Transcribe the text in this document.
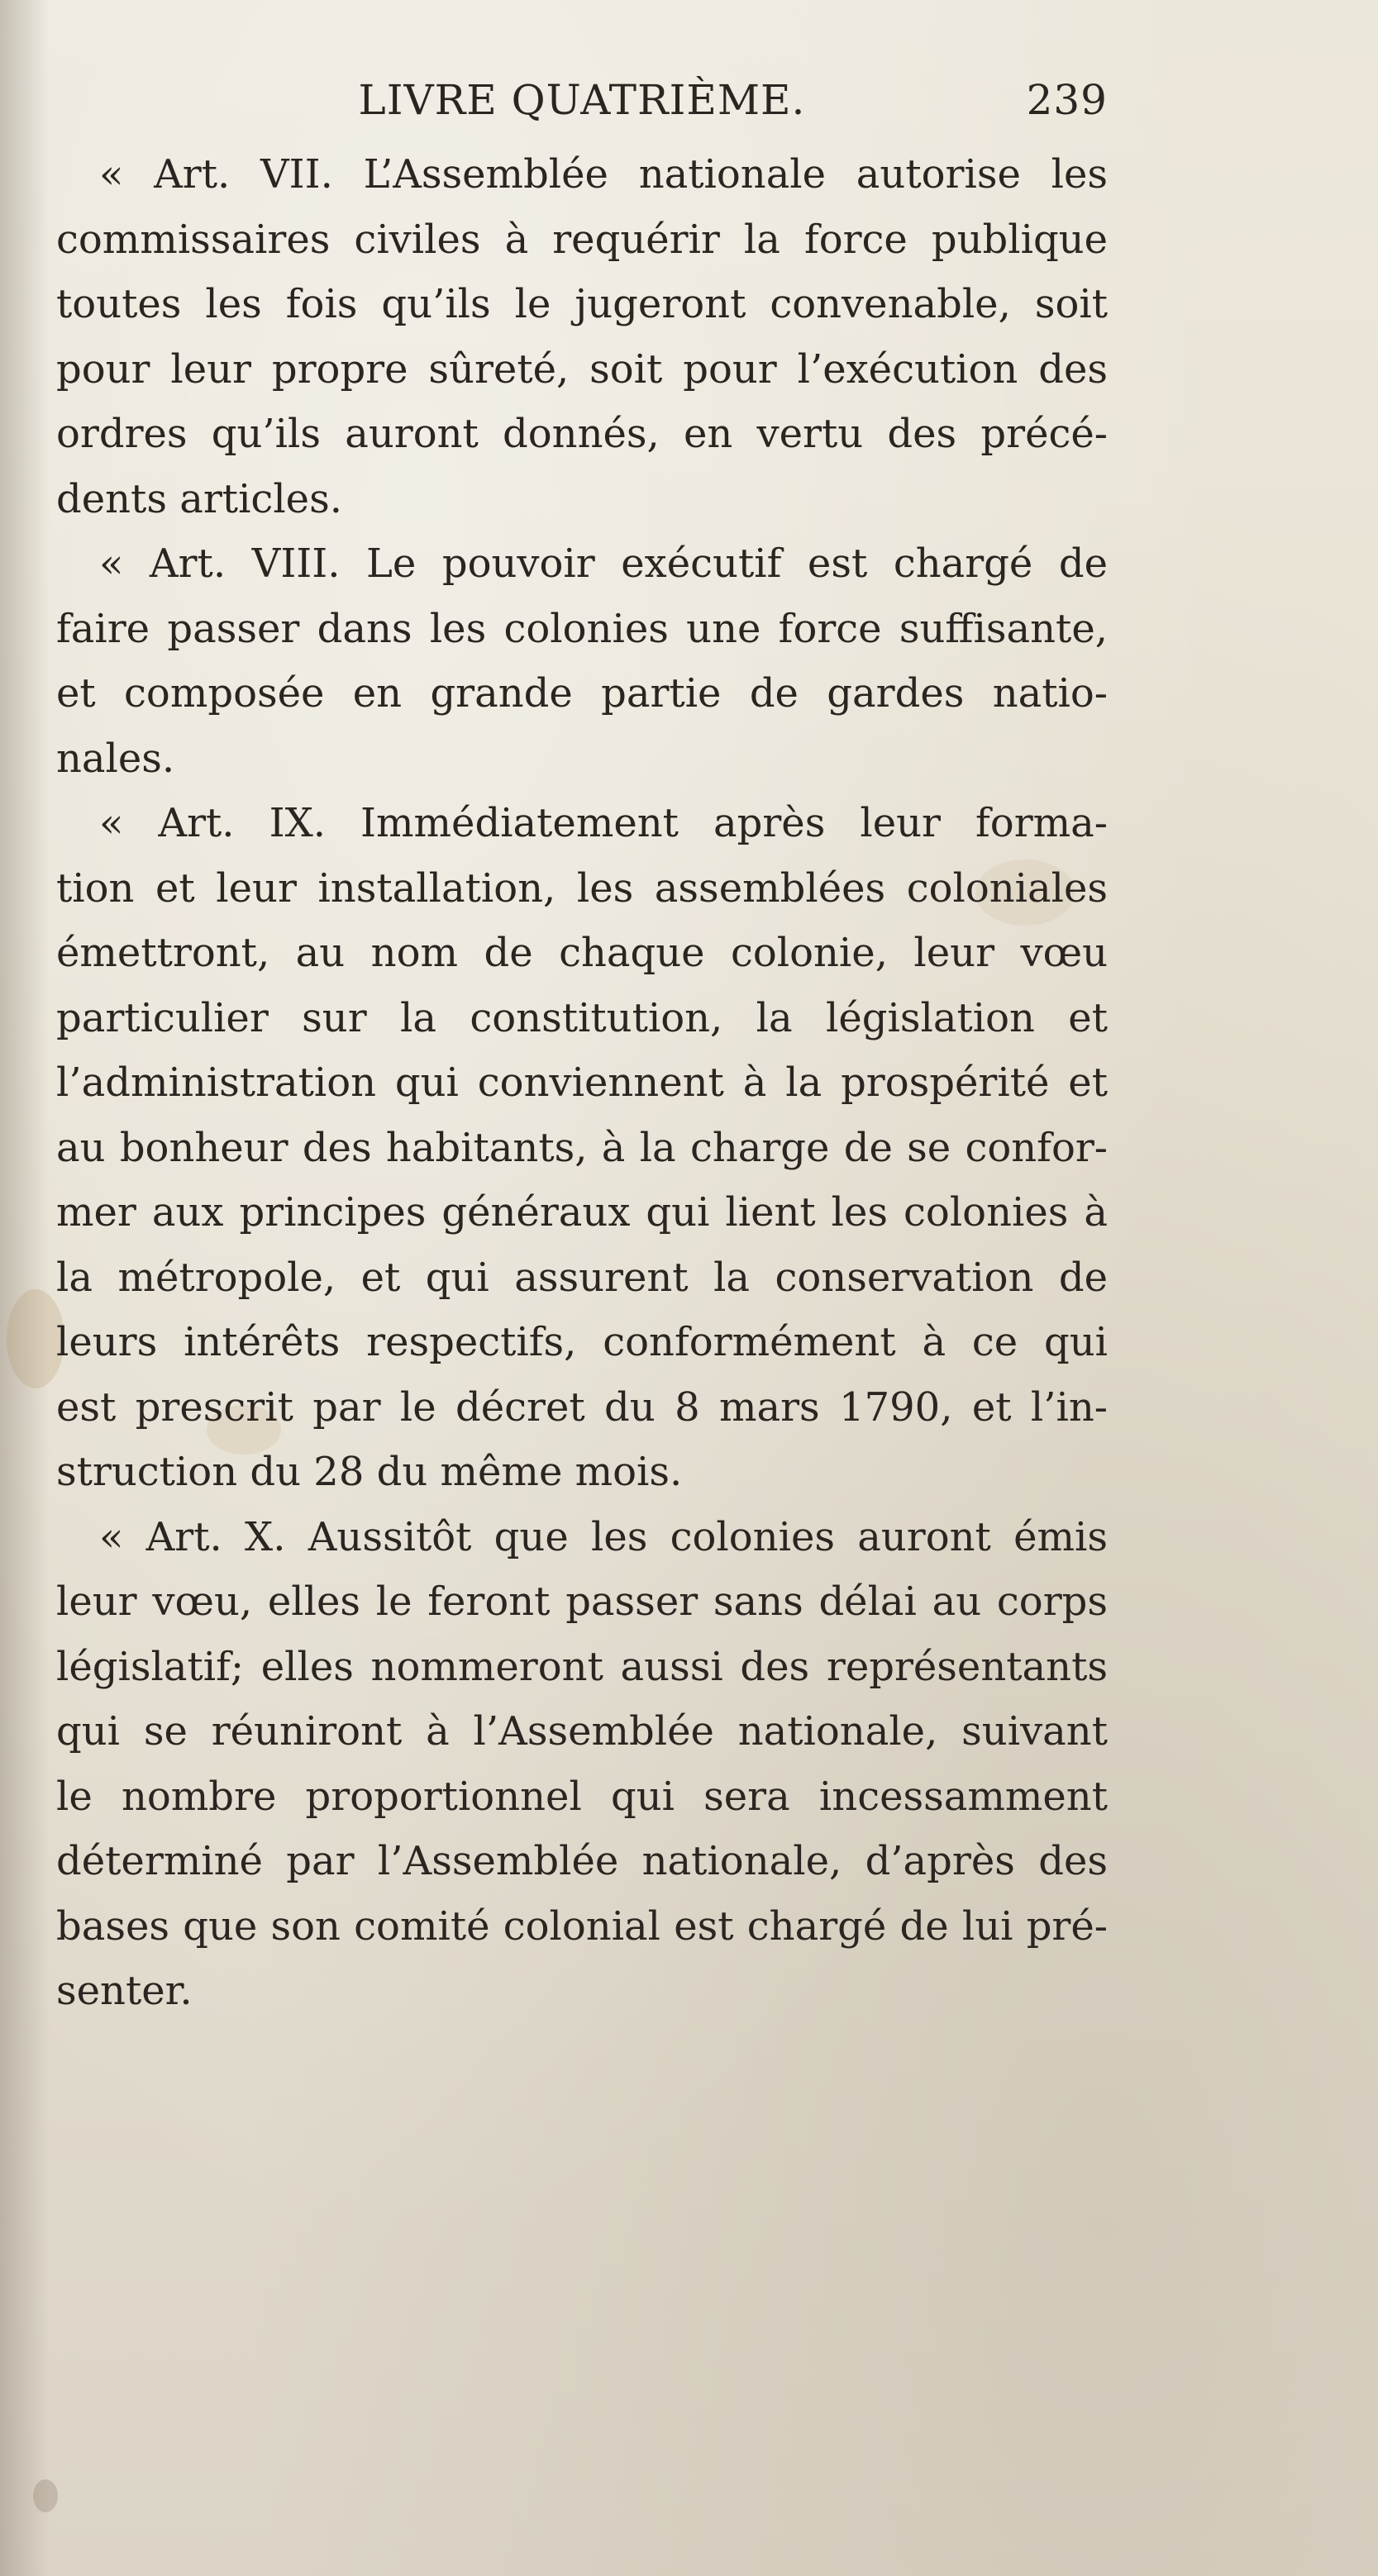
LIVRE QUATRIÈME.	239
« Art. VII. L’Assemblée nationale autorise les
commissaires civiles à requérir la force publique
toutes les fois qu’ils le jugeront convenable, soit
pour leur propre sûreté, soit pour l’exécution des
ordres qu’ils auront donnés, en vertu des précé-
dents articles.
« Art. VIII. Le pouvoir exécutif est chargé de
faire passer dans les colonies une force suffisante,
et composée en grande partie de gardes natio-
nales.
« Art. IX. Immédiatement après leur forma-
tion et leur installation, les assemblées coloniales
émettront, au nom de chaque colonie, leur vœu
particulier sur la constitution, la législation et
l’administration qui conviennent à la prospérité et
au bonheur des habitants, à la charge de se confor-
mer aux principes généraux qui lient les colonies à
la métropole, et qui assurent la conservation de
leurs intérêts respectifs, conformément à ce qui
est prescrit par le décret du 8 mars 1790, et l’in-
struction du 28 du même mois.
« Art. X. Aussitôt que les colonies auront émis
leur vœu, elles le feront passer sans délai au corps
législatif; elles nommeront aussi des représentants
qui se réuniront à l’Assemblée nationale, suivant
le nombre proportionnel qui sera incessamment
déterminé par l’Assemblée nationale, d’après des
bases que son comité colonial est chargé de lui pré-
senter.
